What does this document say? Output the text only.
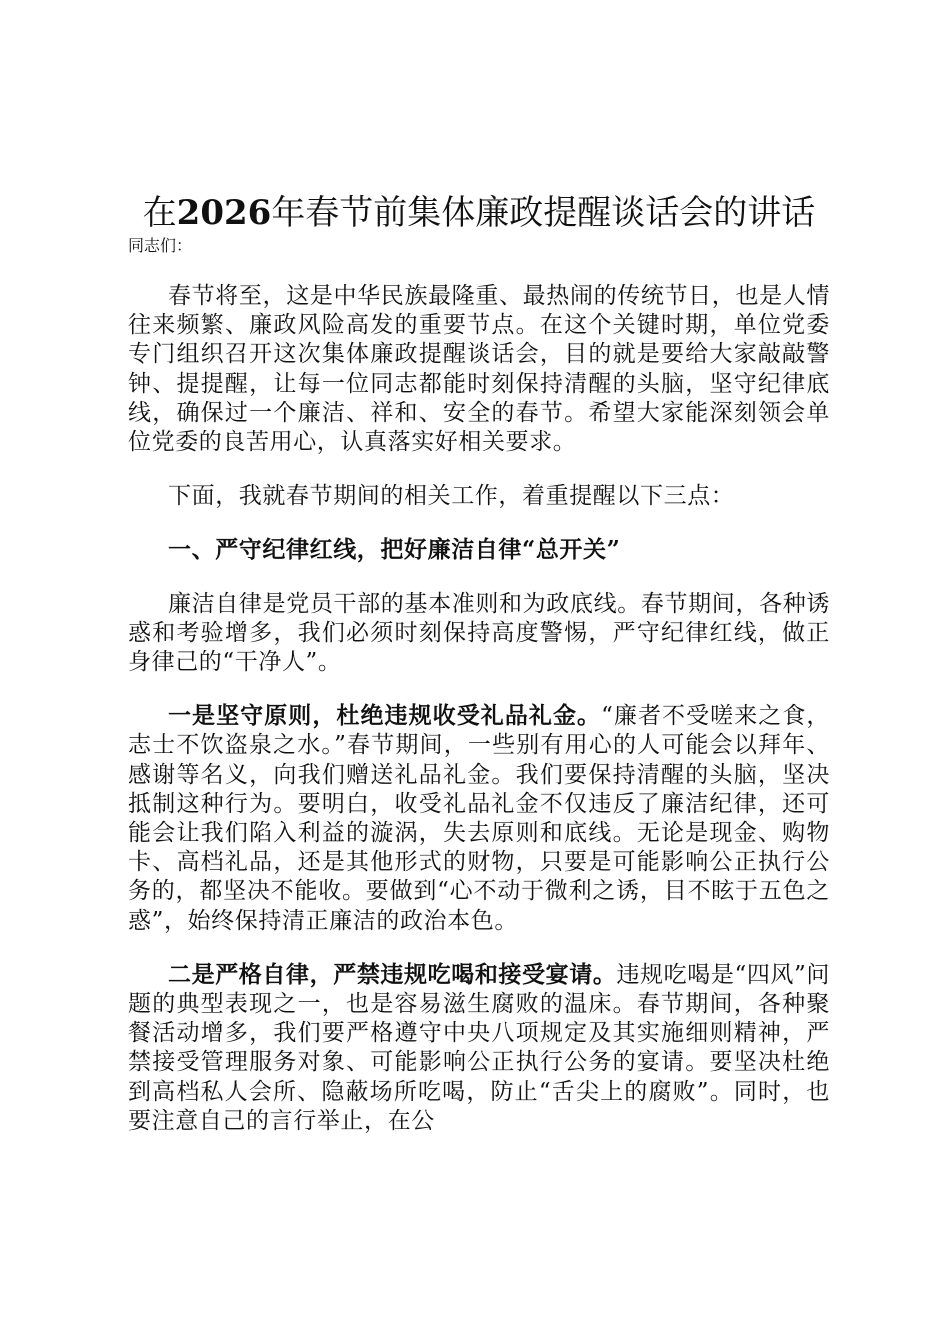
在2026年春节前集体廉政提醒谈话会的讲话
同志们：

春节将至，这是中华民族最隆重、最热闹的传统节日，也是人情往来频繁、廉政风险高发的重要节点。在这个关键时期，单位党委专门组织召开这次集体廉政提醒谈话会，目的就是要给大家敲敲警钟、提提醒，让每一位同志都能时刻保持清醒的头脑，坚守纪律底线，确保过一个廉洁、祥和、安全的春节。希望大家能深刻领会单位党委的良苦用心，认真落实好相关要求。

下面，我就春节期间的相关工作，着重提醒以下三点：

一、严守纪律红线，把好廉洁自律“总开关”

廉洁自律是党员干部的基本准则和为政底线。春节期间，各种诱惑和考验增多，我们必须时刻保持高度警惕，严守纪律红线，做正身律己的“干净人”。

一是坚守原则，杜绝违规收受礼品礼金。“廉者不受嗟来之食，志士不饮盗泉之水。”春节期间，一些别有用心的人可能会以拜年、感谢等名义，向我们赠送礼品礼金。我们要保持清醒的头脑，坚决抵制这种行为。要明白，收受礼品礼金不仅违反了廉洁纪律，还可能会让我们陷入利益的漩涡，失去原则和底线。无论是现金、购物卡、高档礼品，还是其他形式的财物，只要是可能影响公正执行公务的，都坚决不能收。要做到“心不动于微利之诱，目不眩于五色之惑”，始终保持清正廉洁的政治本色。

二是严格自律，严禁违规吃喝和接受宴请。违规吃喝是“四风”问题的典型表现之一，也是容易滋生腐败的温床。春节期间，各种聚餐活动增多，我们要严格遵守中央八项规定及其实施细则精神，严禁接受管理服务对象、可能影响公正执行公务的宴请。要坚决杜绝到高档私人会所、隐蔽场所吃喝，防止“舌尖上的腐败”。同时，也要注意自己的言行举止，在公
